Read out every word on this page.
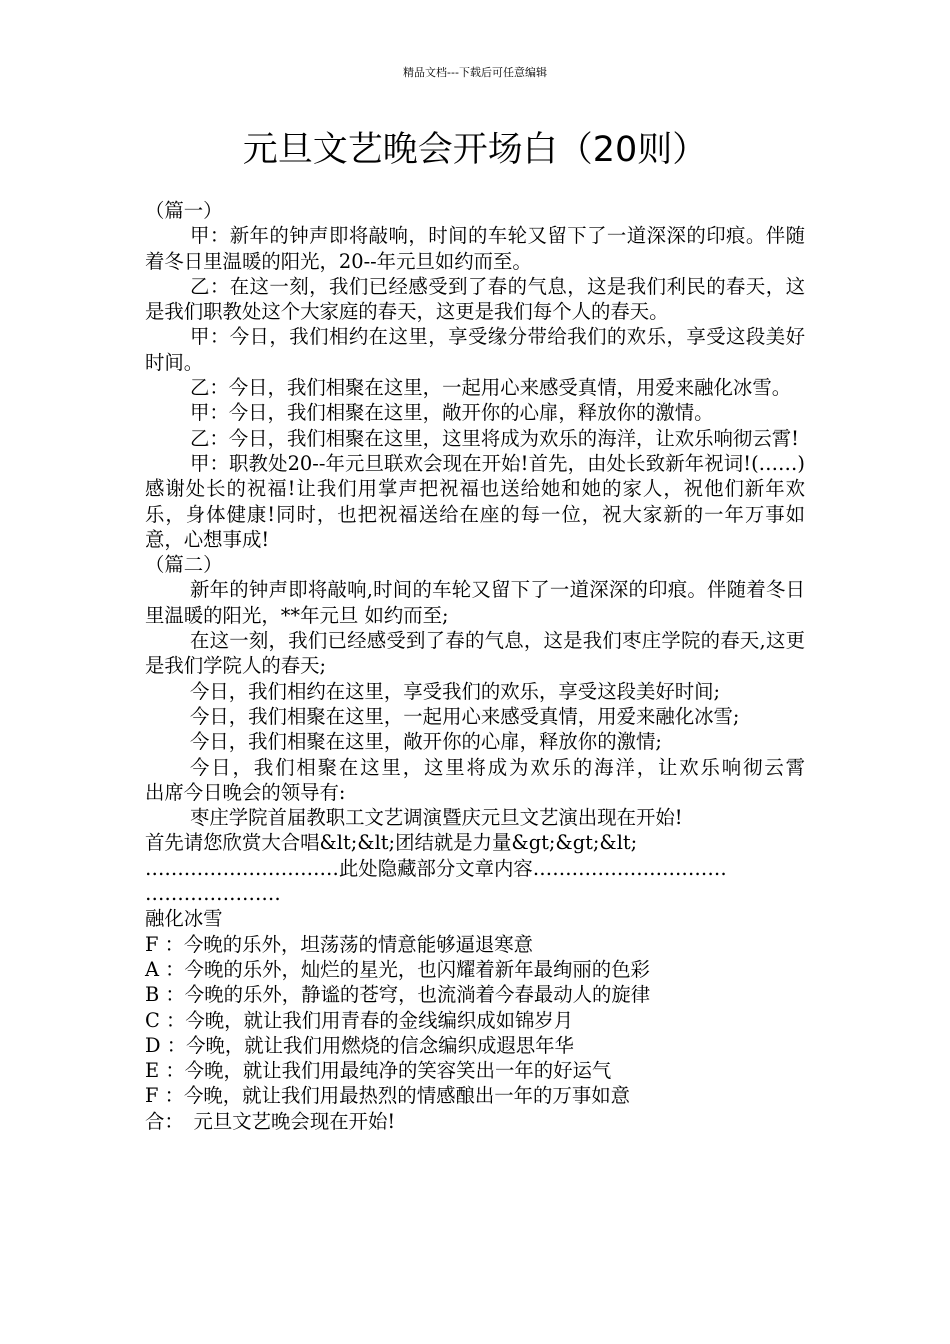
精品文档---下载后可任意编辑
元旦文艺晚会开场白（20则）

（篇一）

甲：新年的钟声即将敲响，时间的车轮又留下了一道深深的印痕。伴随着冬日里温暖的阳光，20--年元旦如约而至。

乙：在这一刻，我们已经感受到了春的气息，这是我们利民的春天，这是我们职教处这个大家庭的春天，这更是我们每个人的春天。

甲：今日，我们相约在这里，享受缘分带给我们的欢乐，享受这段美好时间。

乙：今日，我们相聚在这里，一起用心来感受真情，用爱来融化冰雪。

甲：今日，我们相聚在这里，敞开你的心扉，释放你的激情。

乙：今日，我们相聚在这里，这里将成为欢乐的海洋，让欢乐响彻云霄!

甲：职教处20--年元旦联欢会现在开始!首先，由处长致新年祝词!(……)感谢处长的祝福!让我们用掌声把祝福也送给她和她的家人，祝他们新年欢乐，身体健康!同时，也把祝福送给在座的每一位，祝大家新的一年万事如意，心想事成!

（篇二）

新年的钟声即将敲响,时间的车轮又留下了一道深深的印痕。伴随着冬日里温暖的阳光，**年元旦 如约而至;

在这一刻，我们已经感受到了春的气息，这是我们枣庄学院的春天,这更是我们学院人的春天;

今日，我们相约在这里，享受我们的欢乐，享受这段美好时间;

今日，我们相聚在这里，一起用心来感受真情，用爱来融化冰雪;

今日，我们相聚在这里，敞开你的心扉，释放你的激情;

今日，我们相聚在这里，这里将成为欢乐的海洋，让欢乐响彻云霄　　出席今日晚会的领导有:

枣庄学院首届教职工文艺调演暨庆元旦文艺演出现在开始!

首先请您欣赏大合唱&lt;&lt;团结就是力量&gt;&gt;&lt;

…………………………此处隐藏部分文章内容…………………………

…………………

融化冰雪

F ：今晚的乐外，坦荡荡的情意能够逼退寒意

A ：今晚的乐外，灿烂的星光，也闪耀着新年最绚丽的色彩

B ：今晚的乐外，静谧的苍穹，也流淌着今春最动人的旋律

C ：今晚，就让我们用青春的金线编织成如锦岁月

D ：今晚，就让我们用燃烧的信念编织成遐思年华

E ：今晚，就让我们用最纯净的笑容笑出一年的好运气

F ：今晚，就让我们用最热烈的情感酿出一年的万事如意

合：　元旦文艺晚会现在开始!
